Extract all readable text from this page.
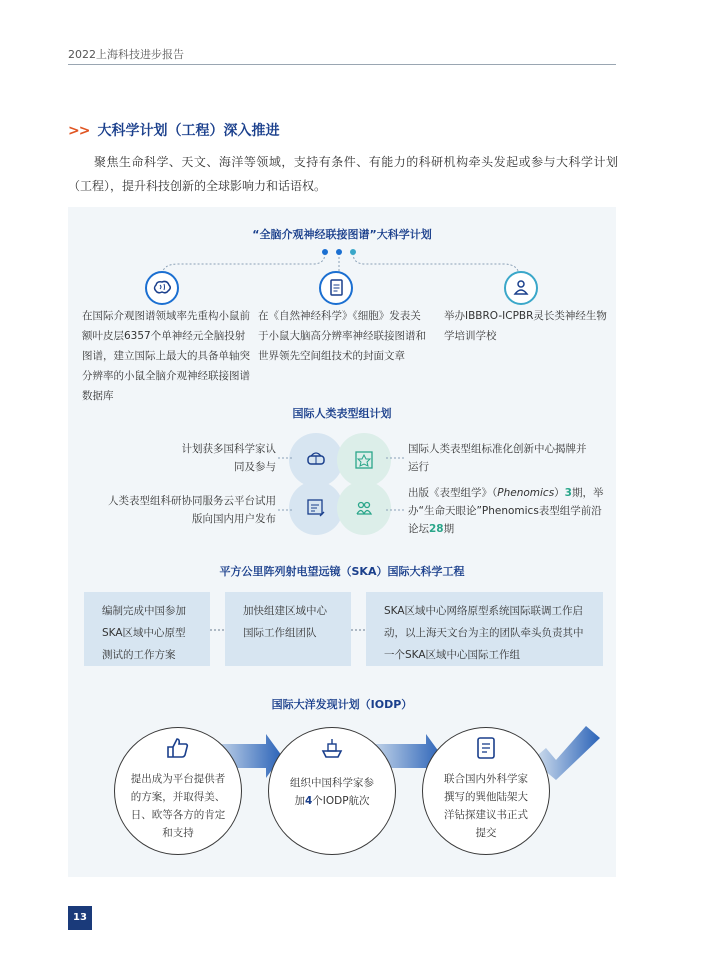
2022上海科技进步报告
>> 大科学计划（工程）深入推进

聚焦生命科学、天文、海洋等领域，支持有条件、有能力的科研机构牵头发起或参与大科学计划（工程），提升科技创新的全球影响力和话语权。

“全脑介观神经联接图谱”大科学计划
在国际介观图谱领域率先重构小鼠前额叶皮层6357个单神经元全脑投射图谱，建立国际上最大的具备单轴突分辨率的小鼠全脑介观神经联接图谱数据库
在《自然神经科学》《细胞》发表关于小鼠大脑高分辨率神经联接图谱和世界领先空间组技术的封面文章
举办IBBRO-ICPBR灵长类神经生物学培训学校
国际人类表型组计划
计划获多国科学家认同及参与
国际人类表型组标准化创新中心揭牌并运行
人类表型组科研协同服务云平台试用版向国内用户发布
出版《表型组学》（Phenomics）3期，举办“生命天眼论”Phenomics表型组学前沿论坛28期
平方公里阵列射电望远镜（SKA）国际大科学工程
编制完成中国参加SKA区域中心原型测试的工作方案
加快组建区域中心国际工作组团队
SKA区域中心网络原型系统国际联调工作启动，以上海天文台为主的团队牵头负责其中一个SKA区域中心国际工作组
国际大洋发现计划（IODP）
提出成为平台提供者的方案，并取得美、日、欧等各方的肯定和支持
组织中国科学家参加4个IODP航次
联合国内外科学家撰写的巽他陆架大洋钻探建议书正式提交
13
